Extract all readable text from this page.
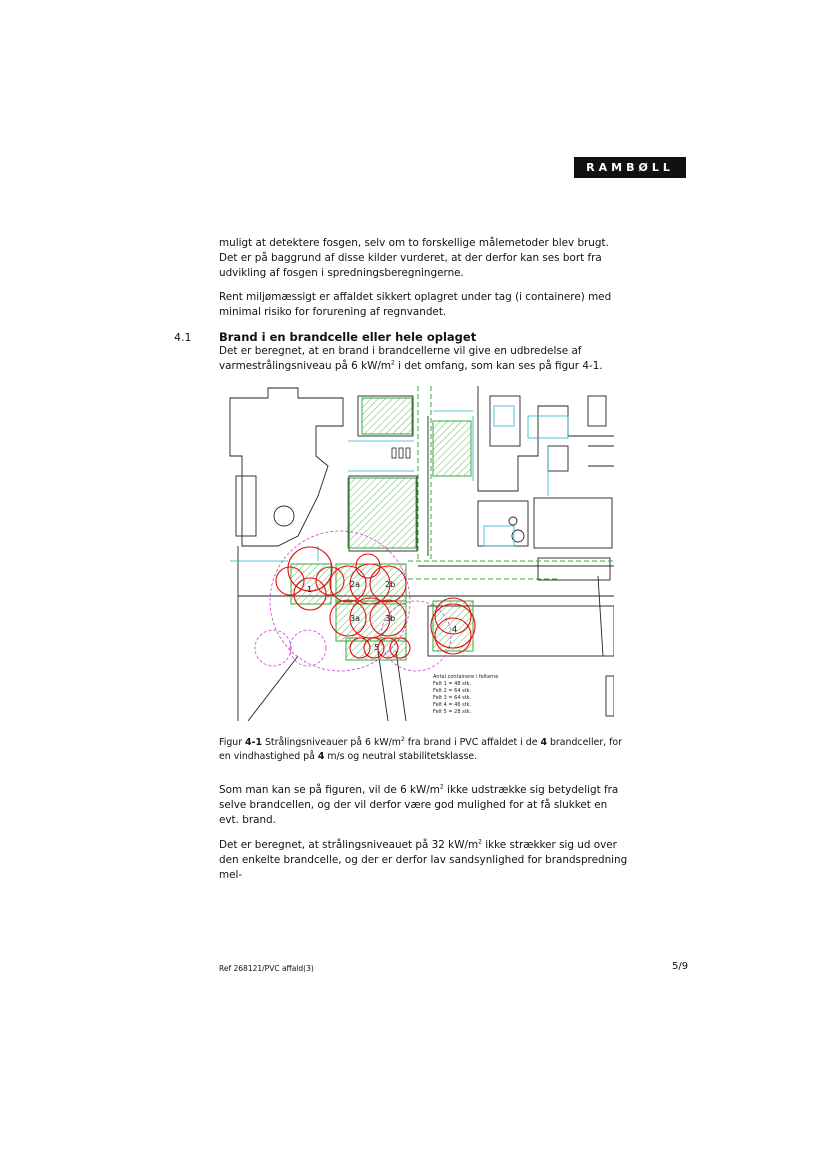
RAMBØLL
muligt at detektere fosgen, selv om to forskellige målemetoder blev brugt. Det er på baggrund af disse kilder vurderet, at der derfor kan ses bort fra udvikling af fosgen i spredningsberegningerne.
Rent miljømæssigt er affaldet sikkert oplagret under tag (i containere) med minimal risiko for forurening af regnvandet.
4.1 Brand i en brandcelle eller hele oplaget
Det er beregnet, at en brand i brandcellerne vil give en udbredelse af varmestrålingsniveau på 6 $kW/m^2$ i det omfang, som kan ses på figur 4-1.
2a	2b
3a	3b
4
1
5
Antal containere i feltarne
Felt 1 = 48 stk.
Felt 2 = 64 stk.
Felt 3 = 64 stk.
Felt 4 = 46 stk.
Felt 5 = 28 stk.
Figur 4-1 Strålingsniveauer på 6 $kW/m^2$ fra brand i PVC affaldet i de 4 brandceller, for en vindhastighed på 4 m/s og neutral stabilitetsklasse.
Som man kan se på figuren, vil de 6 $kW/m^2$ ikke udstrække sig betydeligt fra selve brandcellen, og der vil derfor være god mulighed for at få slukket en evt. brand.
Det er beregnet, at strålingsniveauet på 32 $kW/m^2$ ikke strækker sig ud over den enkelte brandcelle, og der er derfor lav sandsynlighed for brandspredning mel-
Ref 268121/PVC affald(3)	5/9
